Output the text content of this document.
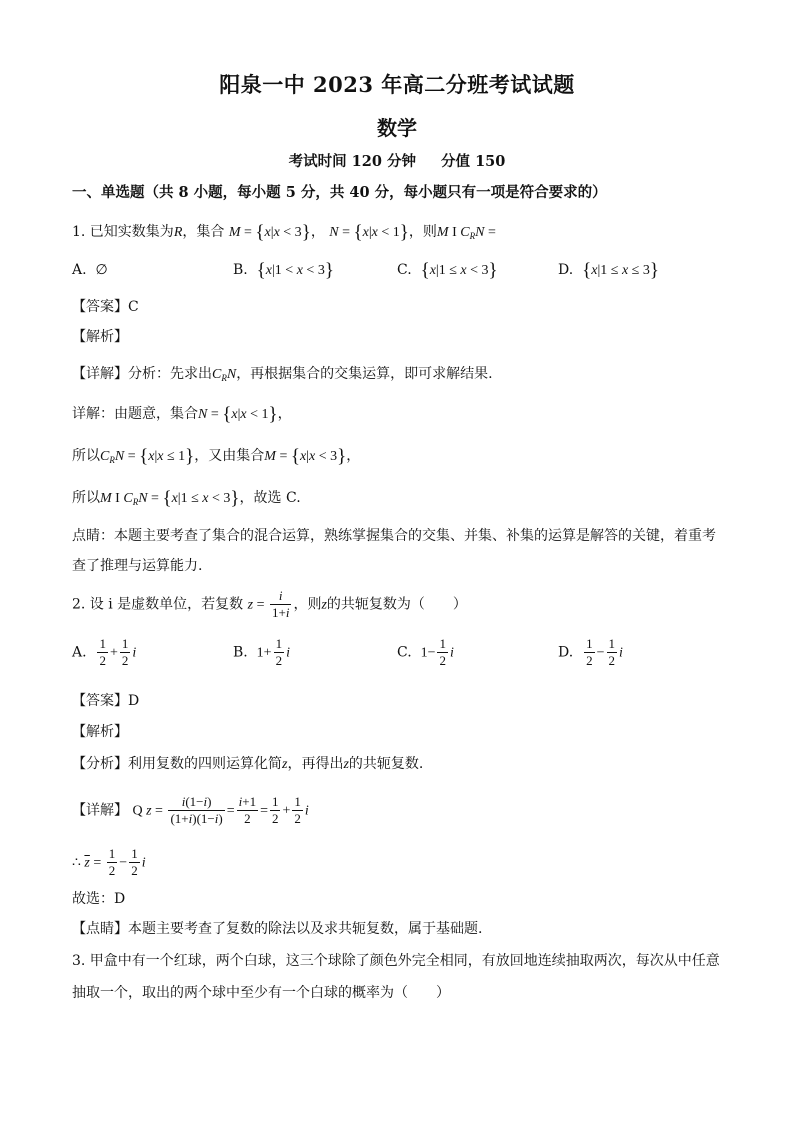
阳泉一中 2023 年高二分班考试试题
数学
考试时间 120 分钟 分值 150
一、单选题（共 8 小题，每小题 5 分，共 40 分，每小题只有一项是符合要求的）
1. 已知实数集为R，集合 M = {x|x < 3}， N = {x|x < 1}，则M I $C_RN$ =
A. ∅	B. {x|1 < x < 3}	C. {x|1 ≤ x < 3}	D. {x|1 ≤ x ≤ 3}
【答案】C
【解析】
【详解】分析：先求出$C_RN$，再根据集合的交集运算，即可求解结果.
详解：由题意，集合N = {x|x < 1}，
所以$C_RN = \{x|x \le 1\}$，又由集合M = {x|x < 3}，
所以M I $C_RN = \{x|1 \le x < 3\}$，故选 C.
点睛：本题主要考查了集合的混合运算，熟练掌握集合的交集、并集、补集的运算是解答的关键，着重考
查了推理与运算能力.
2. 设 i 是虚数单位，若复数 $z = \frac{i}{1+i}$ ，则z的共轭复数为（　　）
A. $\frac{1}{2} + \frac{1}{2}$ i	B. $1+ \frac{1}{2}$ i	C. $1- \frac{1}{2}$ i	D. $\frac{1}{2} - \frac{1}{2}$ i
【答案】D
【解析】
【分析】利用复数的四则运算化简z，再得出z的共轭复数.
【详解】 Q $z = \frac{i(1-i)}{(1+i)(1-i)} = \frac{i+1}{2} = \frac{1}{2} + \frac{1}{2}$ i
∴ $\overline{z} = \frac{1}{2} - \frac{1}{2}$ i
故选：D
【点睛】本题主要考查了复数的除法以及求共轭复数，属于基础题.
3. 甲盒中有一个红球，两个白球，这三个球除了颜色外完全相同，有放回地连续抽取两次，每次从中任意
抽取一个，取出的两个球中至少有一个白球的概率为（　　）
